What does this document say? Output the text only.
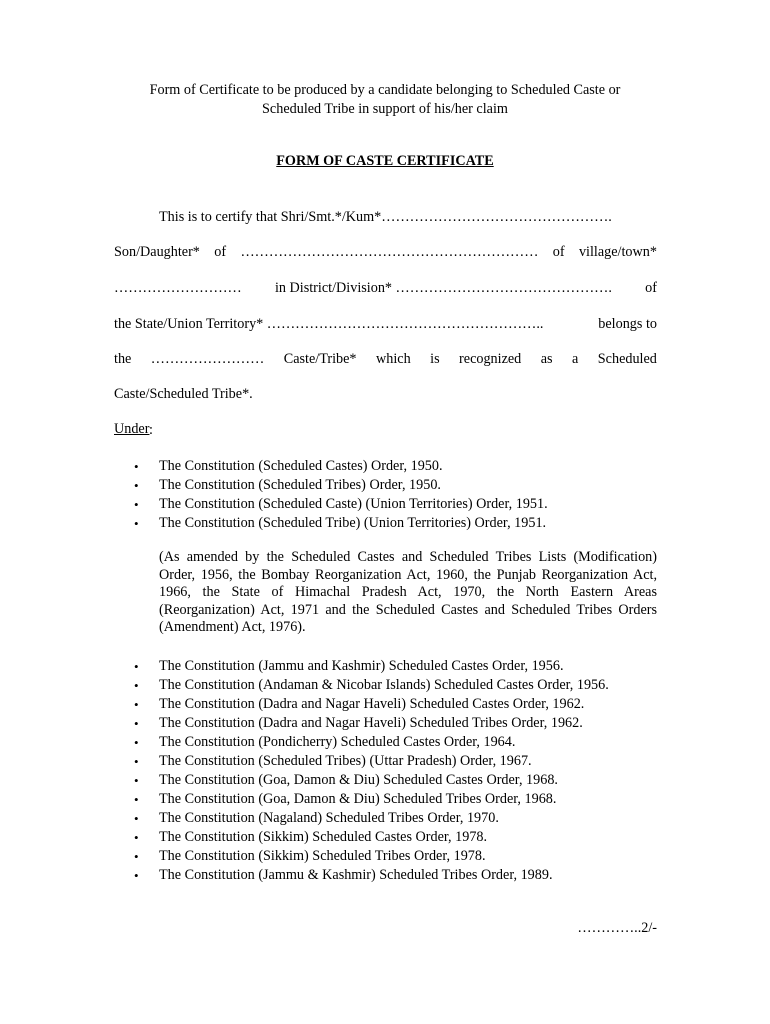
Form of Certificate to be produced by a candidate belonging to Scheduled Caste or
Scheduled Tribe in support of his/her claim
FORM OF CASTE CERTIFICATE
This is to certify that Shri/Smt.*/Kum*………………………………………….
Son/Daughter* of ……………………………………………………… of village/town*
……………………… in District/Division* ………………………………………. of
the State/Union Territory* …………………………………………………..	belongs to
the …………………… Caste/Tribe* which is recognized as a Scheduled
Caste/Scheduled Tribe*.
Under :
• The Constitution (Scheduled Castes) Order, 1950.
• The Constitution (Scheduled Tribes) Order, 1950.
• The Constitution (Scheduled Caste) (Union Territories) Order, 1951.
• The Constitution (Scheduled Tribe) (Union Territories) Order, 1951.
(As amended by the Scheduled Castes and Scheduled Tribes Lists (Modification) Order, 1956, the Bombay Reorganization Act, 1960, the Punjab Reorganization Act, 1966, the State of Himachal Pradesh Act, 1970, the North Eastern Areas (Reorganization) Act, 1971 and the Scheduled Castes and Scheduled Tribes Orders (Amendment) Act, 1976).
• The Constitution (Jammu and Kashmir) Scheduled Castes Order, 1956.
• The Constitution (Andaman & Nicobar Islands) Scheduled Castes Order, 1956.
• The Constitution (Dadra and Nagar Haveli) Scheduled Castes Order, 1962.
• The Constitution (Dadra and Nagar Haveli) Scheduled Tribes Order, 1962.
• The Constitution (Pondicherry) Scheduled Castes Order, 1964.
• The Constitution (Scheduled Tribes) (Uttar Pradesh) Order, 1967.
• The Constitution (Goa, Damon & Diu) Scheduled Castes Order, 1968.
• The Constitution (Goa, Damon & Diu) Scheduled Tribes Order, 1968.
• The Constitution (Nagaland) Scheduled Tribes Order, 1970.
• The Constitution (Sikkim) Scheduled Castes Order, 1978.
• The Constitution (Sikkim) Scheduled Tribes Order, 1978.
• The Constitution (Jammu & Kashmir) Scheduled Tribes Order, 1989.
…………..2/-
